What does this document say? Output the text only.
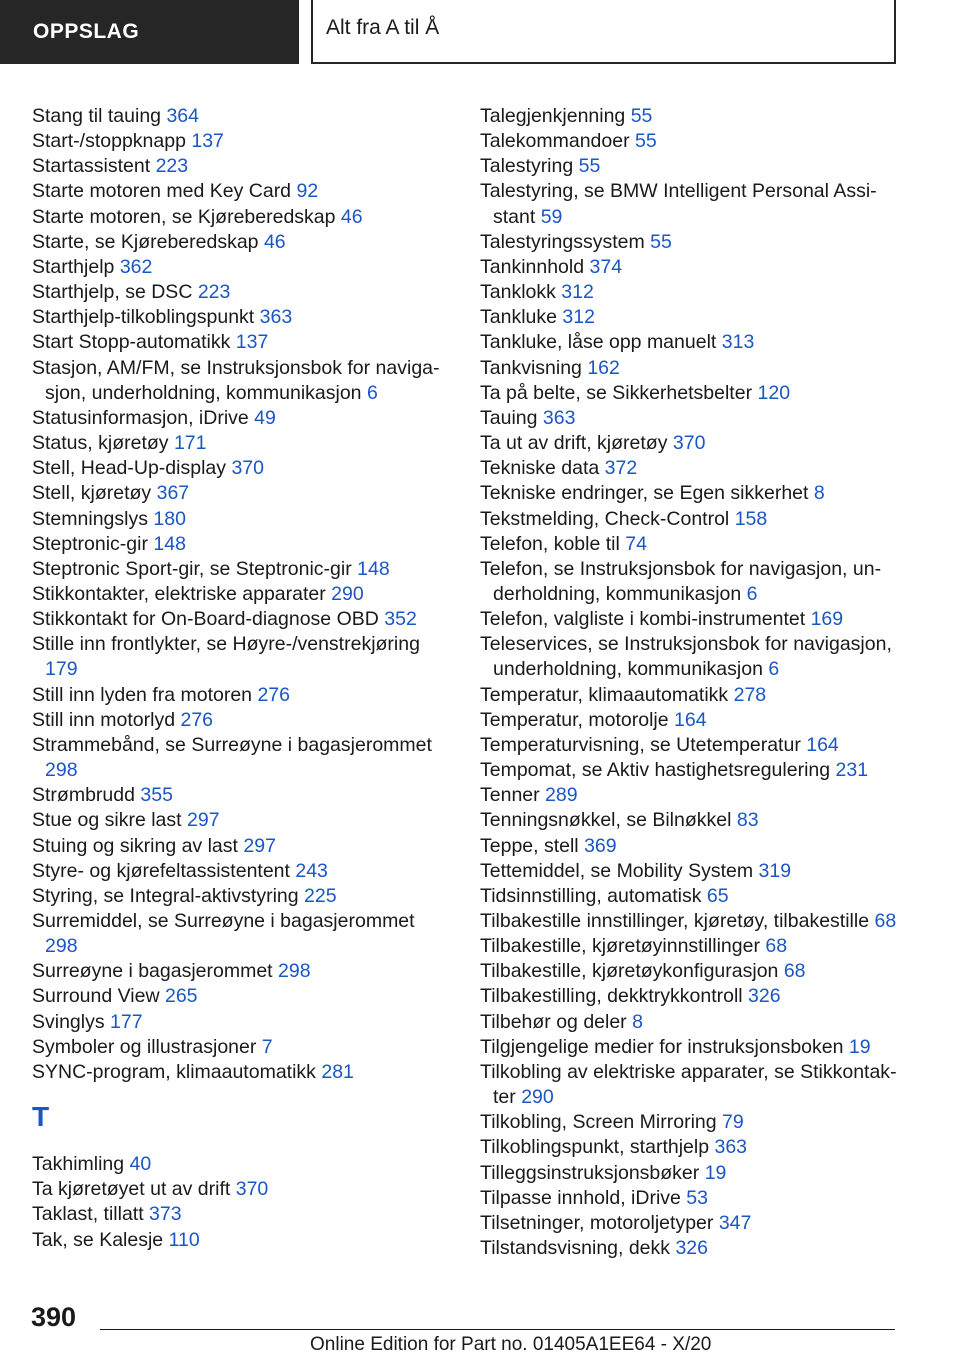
OPPSLAG	Alt fra A til Å

Stang til tauing 364

Start-/stoppknapp 137

Startassistent 223

Starte motoren med Key Card 92

Starte motoren, se Kjøreberedskap 46

Starte, se Kjøreberedskap 46

Starthjelp 362

Starthjelp, se DSC 223

Starthjelp-tilkoblingspunkt 363

Start Stopp-automatikk 137

Stasjon, AM/FM, se Instruksjonsbok for navigasjon, underholdning, kommunikasjon 6

Statusinformasjon, iDrive 49

Status, kjøretøy 171

Stell, Head-Up-display 370

Stell, kjøretøy 367

Stemningslys 180

Steptronic-gir 148

Steptronic Sport-gir, se Steptronic-gir 148

Stikkontakter, elektriske apparater 290

Stikkontakt for On-Board-diagnose OBD 352

Stille inn frontlykter, se Høyre-/venstrekjøring 179

Still inn lyden fra motoren 276

Still inn motorlyd 276

Strammebånd, se Surreøyne i bagasjerommet 298

Strømbrudd 355

Stue og sikre last 297

Stuing og sikring av last 297

Styre- og kjørefeltassistentent 243

Styring, se Integral-aktivstyring 225

Surremiddel, se Surreøyne i bagasjerommet 298

Surreøyne i bagasjerommet 298

Surround View 265

Svinglys 177

Symboler og illustrasjoner 7

SYNC-program, klimaautomatikk 281

T

Takhimling 40

Ta kjøretøyet ut av drift 370

Taklast, tillatt 373

Tak, se Kalesje 110

Talegjenkjenning 55

Talekommandoer 55

Talestyring 55

Talestyring, se BMW Intelligent Personal Assistant 59

Talestyringssystem 55

Tankinnhold 374

Tanklokk 312

Tankluke 312

Tankluke, låse opp manuelt 313

Tankvisning 162

Ta på belte, se Sikkerhetsbelter 120

Tauing 363

Ta ut av drift, kjøretøy 370

Tekniske data 372

Tekniske endringer, se Egen sikkerhet 8

Tekstmelding, Check-Control 158

Telefon, koble til 74

Telefon, se Instruksjonsbok for navigasjon, underholdning, kommunikasjon 6

Telefon, valgliste i kombi-instrumentet 169

Teleservices, se Instruksjonsbok for navigasjon, underholdning, kommunikasjon 6

Temperatur, klimaautomatikk 278

Temperatur, motorolje 164

Temperaturvisning, se Utetemperatur 164

Tempomat, se Aktiv hastighetsregulering 231

Tenner 289

Tenningsnøkkel, se Bilnøkkel 83

Teppe, stell 369

Tettemiddel, se Mobility System 319

Tidsinnstilling, automatisk 65

Tilbakestille innstillinger, kjøretøy, tilbakestille 68

Tilbakestille, kjøretøyinnstillinger 68

Tilbakestille, kjøretøykonfigurasjon 68

Tilbakestilling, dekktrykkontroll 326

Tilbehør og deler 8

Tilgjengelige medier for instruksjonsboken 19

Tilkobling av elektriske apparater, se Stikkontakter 290

Tilkobling, Screen Mirroring 79

Tilkoblingspunkt, starthjelp 363

Tilleggsinstruksjonsbøker 19

Tilpasse innhold, iDrive 53

Tilsetninger, motoroljetyper 347

Tilstandsvisning, dekk 326

390
Online Edition for Part no. 01405A1EE64 - X/20
